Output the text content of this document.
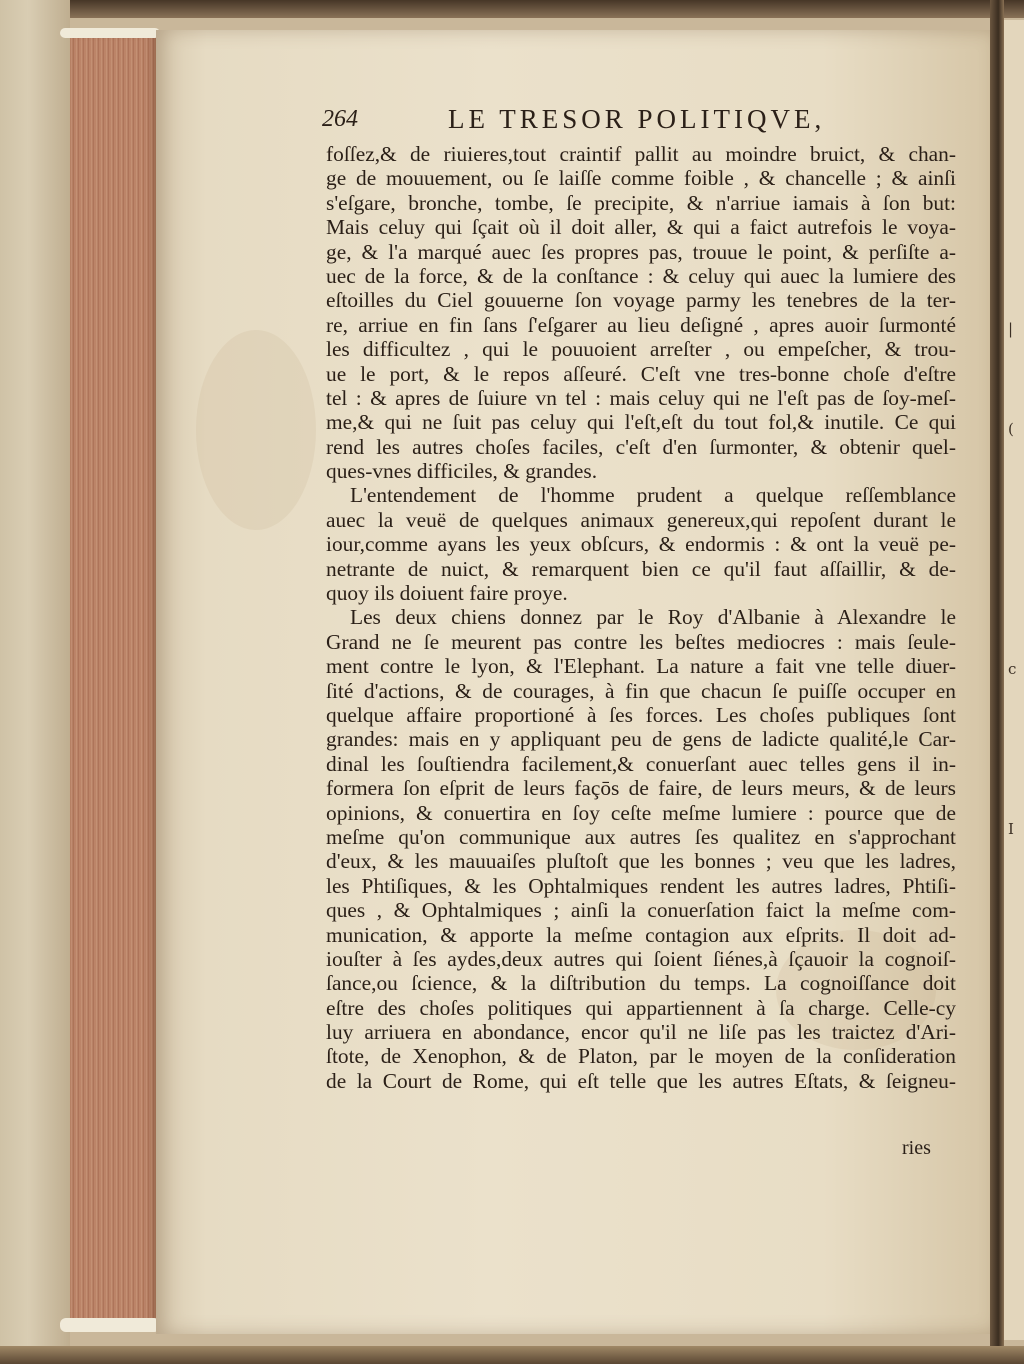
|
(
c
I
264	LE TRESOR POLITIQVE,
foſſez,& de riuieres,tout craintif pallit au moindre bruict, & chan-
ge de mouuement, ou ſe laiſſe comme foible , & chancelle ; & ainſi
s'eſgare, bronche, tombe, ſe precipite, & n'arriue iamais à ſon but:
Mais celuy qui ſçait où il doit aller, & qui a faict autrefois le voya-
ge, & l'a marqué auec ſes propres pas, trouue le point, & perſiſte a-
uec de la force, & de la conſtance : & celuy qui auec la lumiere des
eſtoilles du Ciel gouuerne ſon voyage parmy les tenebres de la ter-
re, arriue en fin ſans ſ'eſgarer au lieu deſigné , apres auoir ſurmonté
les difficultez , qui le pouuoient arreſter , ou empeſcher, & trou-
ue le port, & le repos aſſeuré. C'eſt vne tres-bonne choſe d'eſtre
tel : & apres de ſuiure vn tel : mais celuy qui ne l'eſt pas de ſoy-meſ-
me,& qui ne ſuit pas celuy qui l'eſt,eſt du tout fol,& inutile. Ce qui
rend les autres choſes faciles, c'eſt d'en ſurmonter, & obtenir quel-
ques-vnes difficiles, & grandes.
L'entendement de l'homme prudent a quelque reſſemblance
auec la veuë de quelques animaux genereux,qui repoſent durant le
iour,comme ayans les yeux obſcurs, & endormis : & ont la veuë pe-
netrante de nuict, & remarquent bien ce qu'il faut aſſaillir, & de-
quoy ils doiuent faire proye.
Les deux chiens donnez par le Roy d'Albanie à Alexandre le
Grand ne ſe meurent pas contre les beſtes mediocres : mais ſeule-
ment contre le lyon, & l'Elephant. La nature a fait vne telle diuer-
ſité d'actions, & de courages, à fin que chacun ſe puiſſe occuper en
quelque affaire proportioné à ſes forces. Les choſes publiques ſont
grandes: mais en y appliquant peu de gens de ladicte qualité,le Car-
dinal les ſouſtiendra facilement,& conuerſant auec telles gens il in-
formera ſon eſprit de leurs façōs de faire, de leurs meurs, & de leurs
opinions, & conuertira en ſoy ceſte meſme lumiere : pource que de
meſme qu'on communique aux autres ſes qualitez en s'approchant
d'eux, & les mauuaiſes pluſtoſt que les bonnes ; veu que les ladres,
les Phtiſiques, & les Ophtalmiques rendent les autres ladres, Phtiſi-
ques , & Ophtalmiques ; ainſi la conuerſation faict la meſme com-
munication, & apporte la meſme contagion aux eſprits. Il doit ad-
iouſter à ſes aydes,deux autres qui ſoient ſiénes,à ſçauoir la cognoiſ-
ſance,ou ſcience, & la diſtribution du temps. La cognoiſſance doit
eſtre des choſes politiques qui appartiennent à ſa charge. Celle-cy
luy arriuera en abondance, encor qu'il ne liſe pas les traictez d'Ari-
ſtote, de Xenophon, & de Platon, par le moyen de la conſideration
de la Court de Rome, qui eſt telle que les autres Eſtats, & ſeigneu-
ries
